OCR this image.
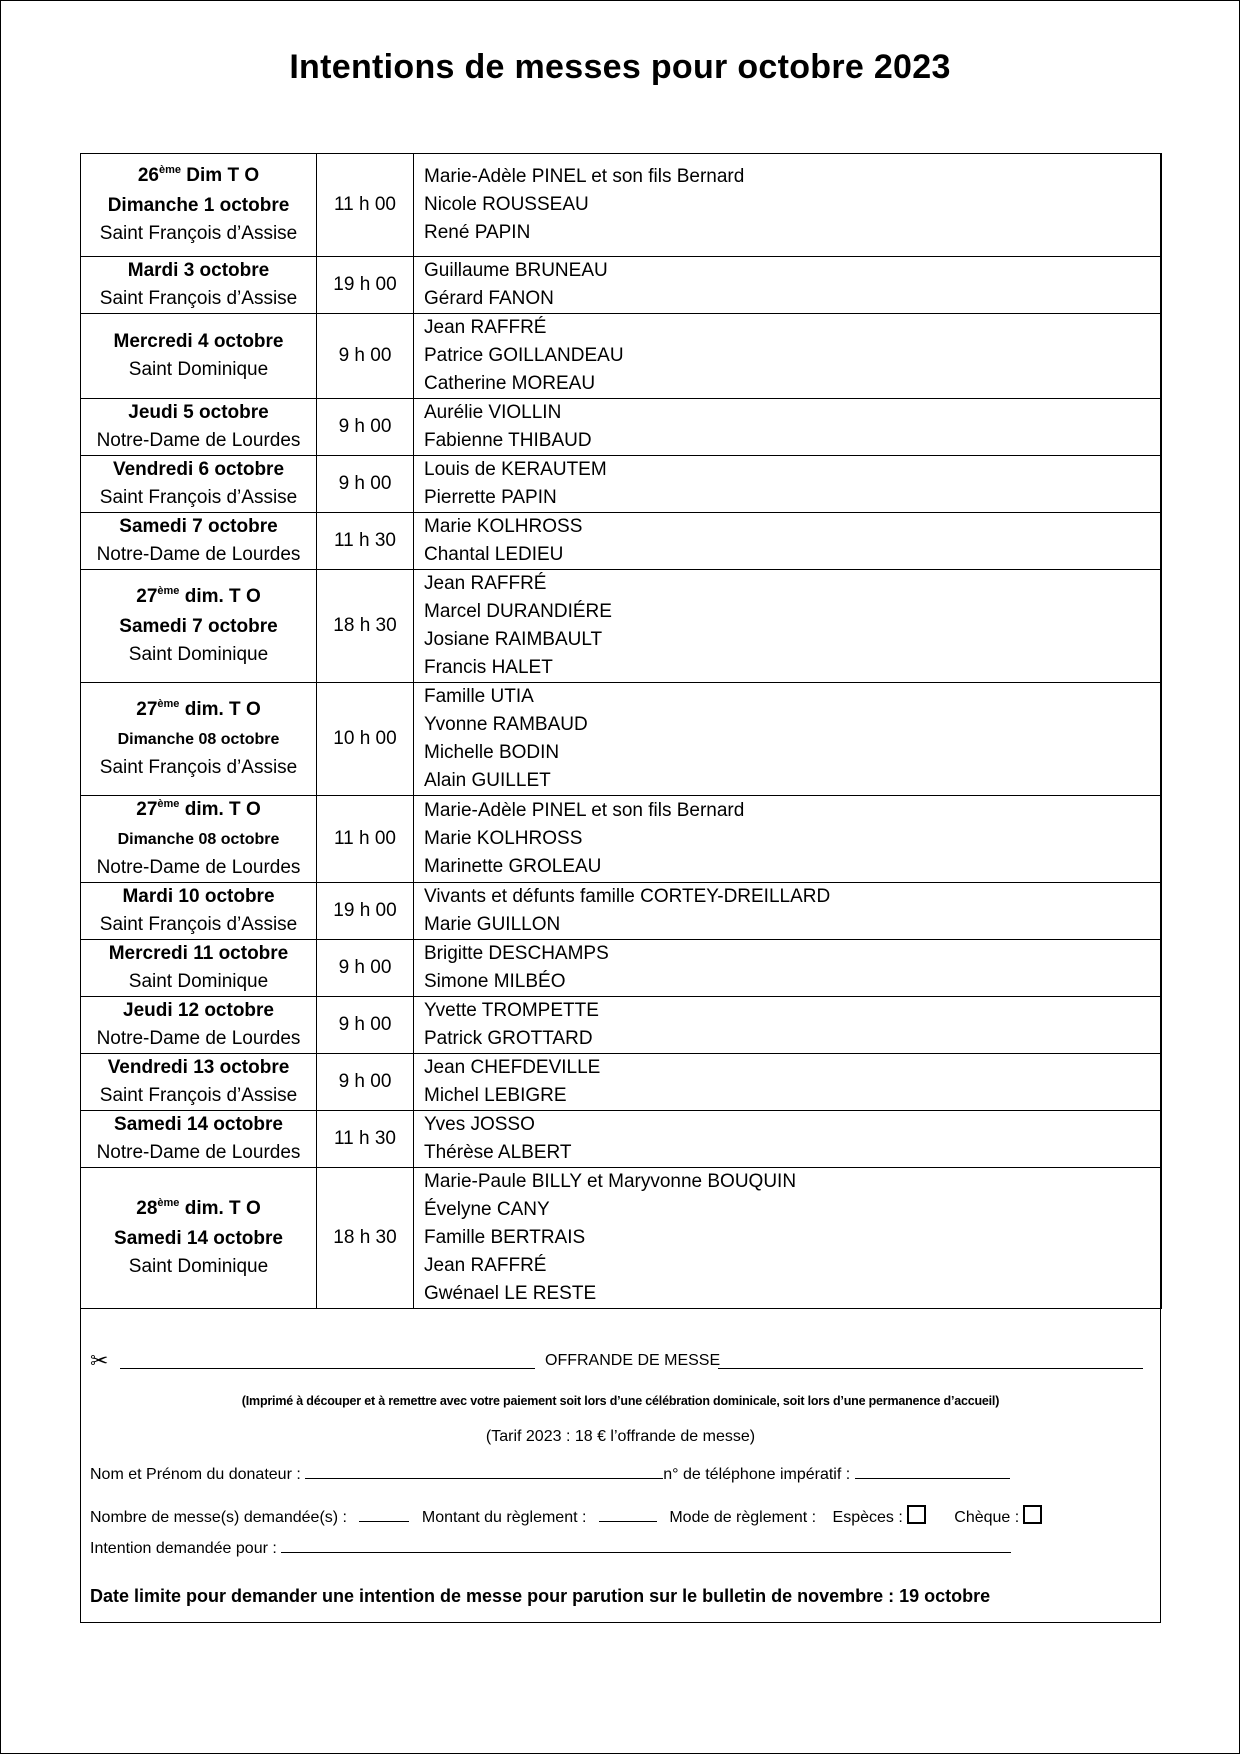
Intentions de messes pour octobre 2023
26ème Dim T O
Dimanche 1 octobre
Saint François d’Assise	11 h 00	Marie-Adèle PINEL et son fils Bernard
Nicole ROUSSEAU
René PAPIN

Mardi 3 octobre
Saint François d’Assise	19 h 00	Guillaume BRUNEAU
Gérard FANON

Mercredi 4 octobre
Saint Dominique	9 h 00	Jean RAFFRÉ
Patrice GOILLANDEAU
Catherine MOREAU

Jeudi 5 octobre
Notre-Dame de Lourdes	9 h 00	Aurélie VIOLLIN
Fabienne THIBAUD

Vendredi 6 octobre
Saint François d’Assise	9 h 00	Louis de KERAUTEM
Pierrette PAPIN

Samedi 7 octobre
Notre-Dame de Lourdes	11 h 30	Marie KOLHROSS
Chantal LEDIEU

27ème dim. T O
Samedi 7 octobre
Saint Dominique	18 h 30	Jean RAFFRÉ
Marcel DURANDIÉRE
Josiane RAIMBAULT
Francis HALET

27ème dim. T O
Dimanche 08 octobre
Saint François d’Assise	10 h 00	Famille UTIA
Yvonne RAMBAUD
Michelle BODIN
Alain GUILLET

27ème dim. T O
Dimanche 08 octobre
Notre-Dame de Lourdes	11 h 00	Marie-Adèle PINEL et son fils Bernard
Marie KOLHROSS
Marinette GROLEAU

Mardi 10 octobre
Saint François d’Assise	19 h 00	Vivants et défunts famille CORTEY-DREILLARD
Marie GUILLON

Mercredi 11 octobre
Saint Dominique	9 h 00	Brigitte DESCHAMPS
Simone MILBÉO

Jeudi 12 octobre
Notre-Dame de Lourdes	9 h 00	Yvette TROMPETTE
Patrick GROTTARD

Vendredi 13 octobre
Saint François d’Assise	9 h 00	Jean CHEFDEVILLE
Michel LEBIGRE

Samedi 14 octobre
Notre-Dame de Lourdes	11 h 30	Yves JOSSO
Thérèse ALBERT

28ème dim. T O
Samedi 14 octobre
Saint Dominique	18 h 30	Marie-Paule BILLY et Maryvonne BOUQUIN
Évelyne CANY
Famille BERTRAIS
Jean RAFFRÉ
Gwénael LE RESTE
✂	OFFRANDE DE MESSE
(Imprimé à découper et à remettre avec votre paiement soit lors d’une célébration dominicale, soit lors d’une permanence d’accueil)
(Tarif 2023 : 18 € l’offrande de messe)
Nom et Prénom du donateur :	n° de téléphone impératif :
Nombre de messe(s) demandée(s) :	Montant du règlement :	Mode de règlement : Espèces :	Chèque :
Intention demandée pour :
Date limite pour demander une intention de messe pour parution sur le bulletin de novembre : 19 octobre
